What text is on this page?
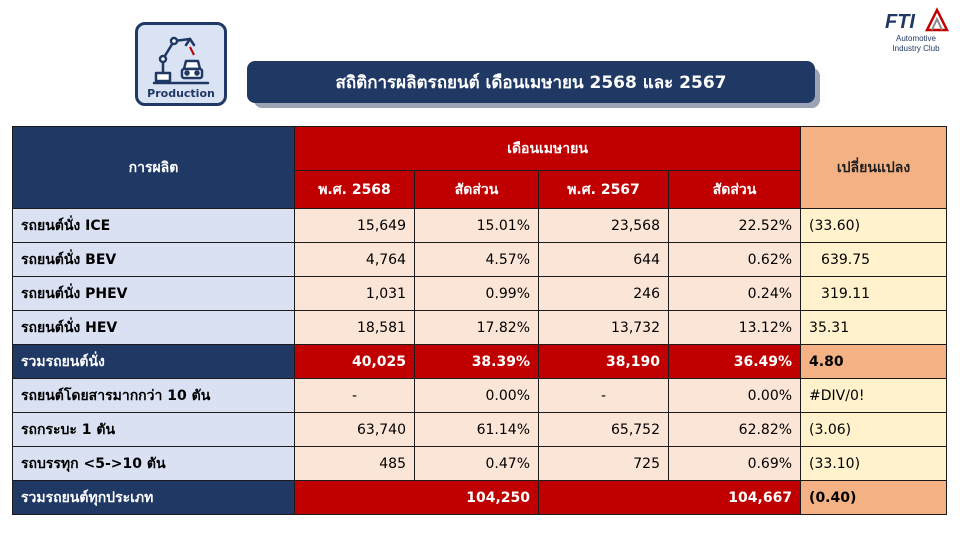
Production
สถิติการผลิตรถยนต์ เดือนเมษายน 2568 และ 2567
FTI
Automotive
Industry Club
การผลิต	เดือนเมษายน				เปลี่ยนแปลง
	พ.ศ. 2568	สัดส่วน	พ.ศ. 2567	สัดส่วน	
รถยนต์นั่ง ICE	15,649	15.01%	23,568	22.52%	(33.60)
รถยนต์นั่ง BEV	4,764	4.57%	644	0.62%	639.75
รถยนต์นั่ง PHEV	1,031	0.99%	246	0.24%	319.11
รถยนต์นั่ง HEV	18,581	17.82%	13,732	13.12%	35.31
รวมรถยนต์นั่ง	40,025	38.39%	38,190	36.49%	4.80
รถยนต์โดยสารมากกว่า 10 ตัน	-	0.00%	-	0.00%	#DIV/0!
รถกระบะ 1 ตัน	63,740	61.14%	65,752	62.82%	(3.06)
รถบรรทุก <5->10 ตัน	485	0.47%	725	0.69%	(33.10)
รวมรถยนต์ทุกประเภท	104,250		104,667		(0.40)
